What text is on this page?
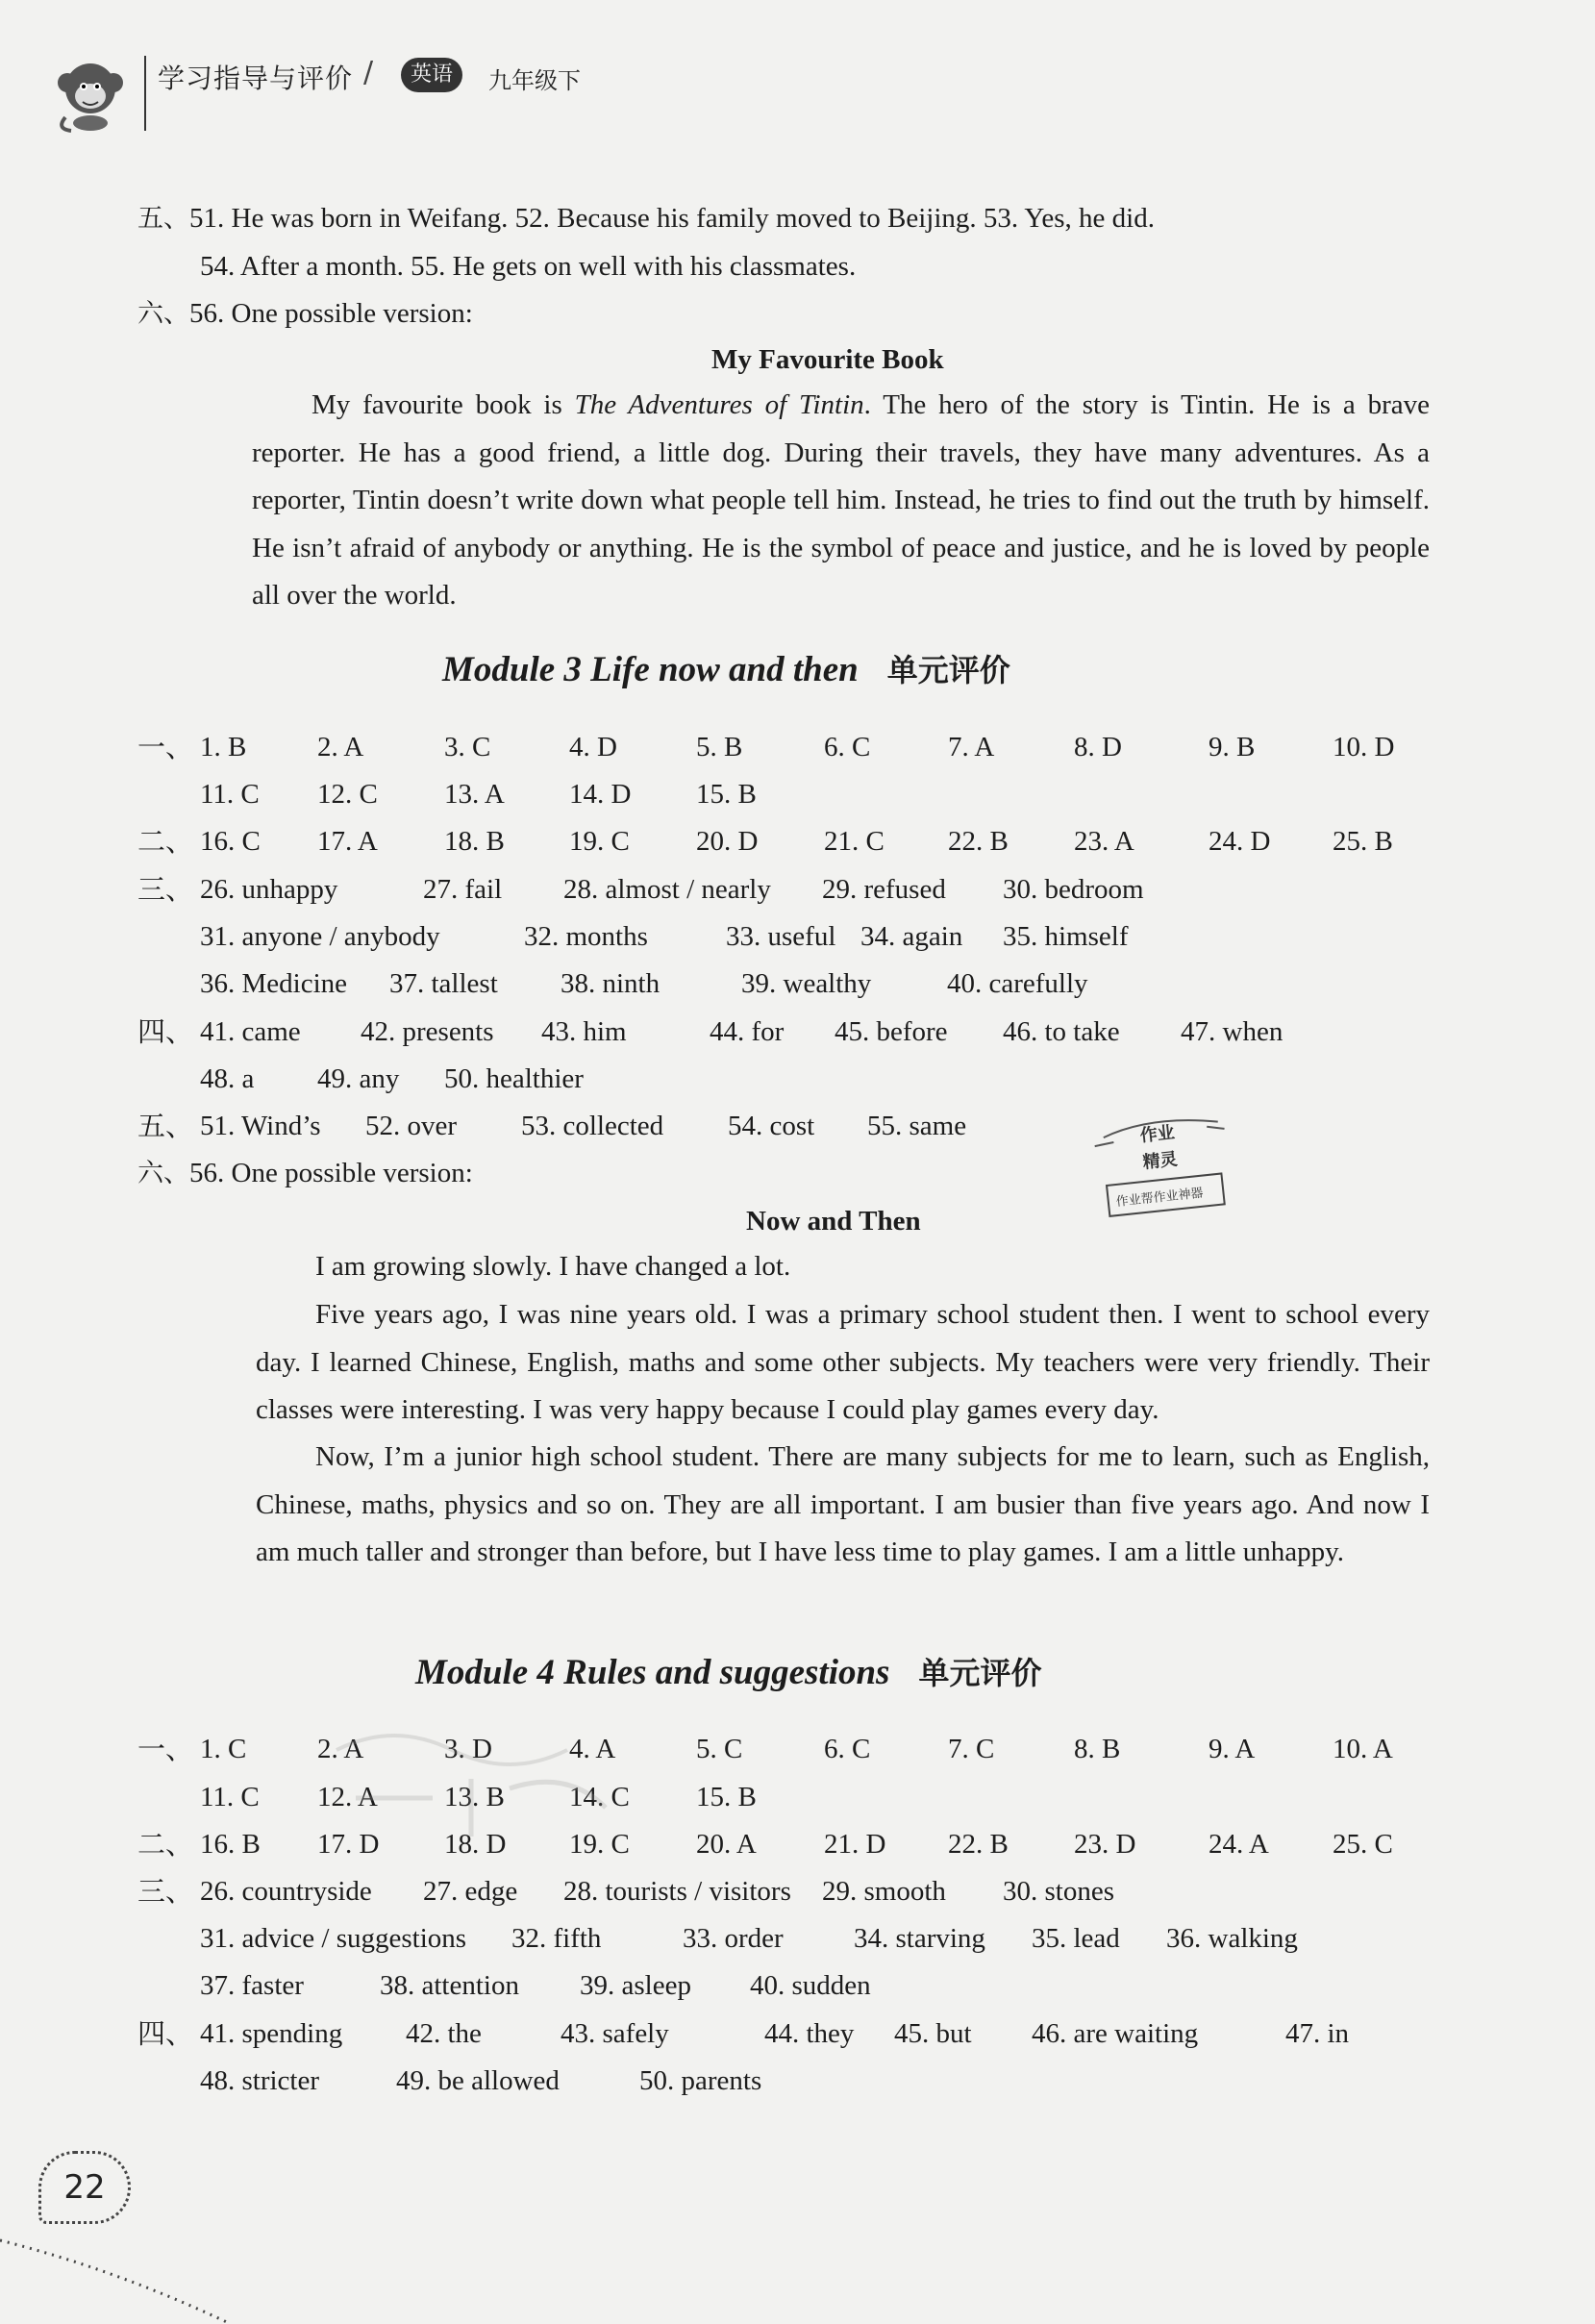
学习指导与评价 /	英语	九年级下
五、51. He was born in Weifang. 52. Because his family moved to Beijing. 53. Yes, he did.
54. After a month. 55. He gets on well with his classmates.
六、56. One possible version:
My Favourite Book
My favourite book is The Adventures of Tintin. The hero of the story is Tintin. He is a brave reporter. He has a good friend, a little dog. During their travels, they have many adventures. As a reporter, Tintin doesn’t write down what people tell him. Instead, he tries to find out the truth by himself. He isn’t afraid of anybody or anything. He is the symbol of peace and justice, and he is loved by people all over the world.
Module 3 Life now and then 单元评价
一、 1. B	2. A	3. C	4. D	5. B	6. C	7. A	8. D	9. B	10. D
11. C 12. C 13. A 14. D 15. B
二、 16. C 17. A 18. B 19. C 20. D 21. C 22. B 23. A	24. D 25. B
三、 26. unhappy	27. fail 28. almost / nearly 29. refused 30. bedroom
31. anyone / anybody	32. months	33. useful 34. again 35. himself
36. Medicine 37. tallest 38. ninth	39. wealthy	40. carefully
四、 41. came 42. presents 43. him	44. for 45. before 46. to take 47. when
48. a 49. any 50. healthier
五、 51. Wind’s 52. over 53. collected 54. cost 55. same
六、56. One possible version:
Now and Then
I am growing slowly. I have changed a lot.
Five years ago, I was nine years old. I was a primary school student then. I went to school every day. I learned Chinese, English, maths and some other subjects. My teachers were very friendly. Their classes were interesting. I was very happy because I could play games every day.
Now, I’m a junior high school student. There are many subjects for me to learn, such as English, Chinese, maths, physics and so on. They are all important. I am busier than five years ago. And now I am much taller and stronger than before, but I have less time to play games. I am a little unhappy.
Module 4 Rules and suggestions 单元评价
一、 1. C	2. A	3. D	4. A	5. C	6. C	7. C	8. B	9. A	10. A
11. C 12. A 13. B 14. C 15. B
二、 16. B 17. D 18. D 19. C 20. A 21. D 22. B 23. D	24. A 25. C
三、 26. countryside 27. edge 28. tourists / visitors 29. smooth 30. stones
31. advice / suggestions 32. fifth	33. order	34. starving 35. lead 36. walking
37. faster	38. attention 39. asleep 40. sudden
四、 41. spending 42. the	43. safely	44. they 45. but 46. are waiting	47. in
48. stricter	49. be allowed	50. parents
作业
精灵
作业帮作业神器
22
